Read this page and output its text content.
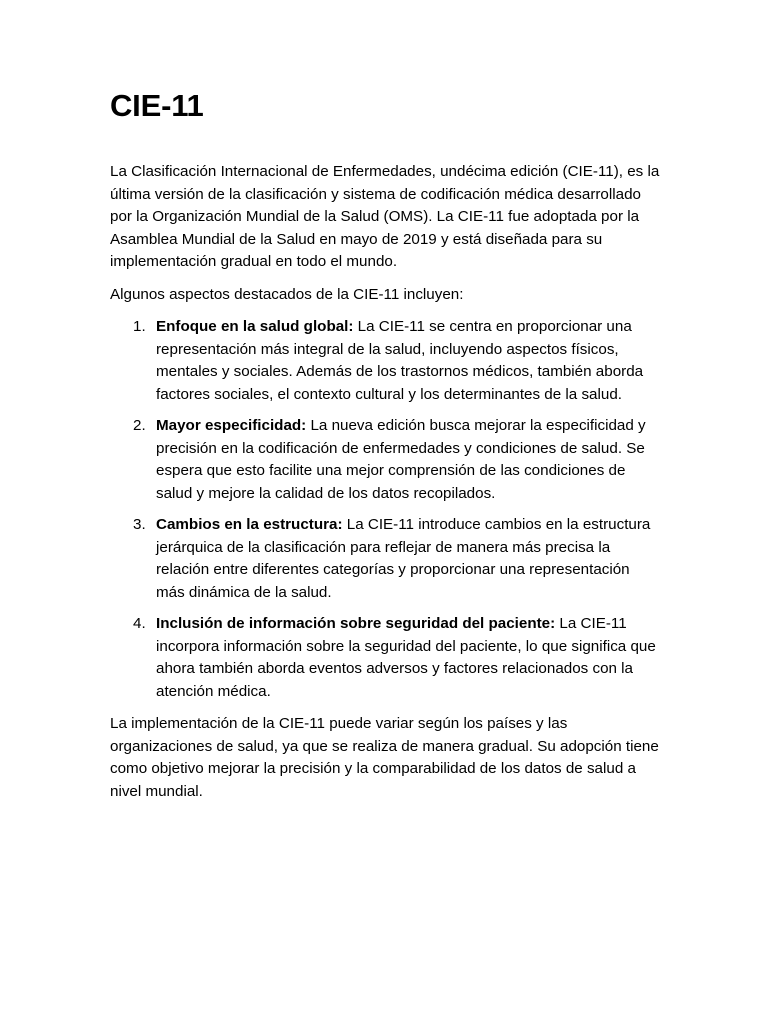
CIE-11

La Clasificación Internacional de Enfermedades, undécima edición (CIE-11), es la última versión de la clasificación y sistema de codificación médica desarrollado por la Organización Mundial de la Salud (OMS). La CIE-11 fue adoptada por la Asamblea Mundial de la Salud en mayo de 2019 y está diseñada para su implementación gradual en todo el mundo.

Algunos aspectos destacados de la CIE-11 incluyen:

1. Enfoque en la salud global: La CIE-11 se centra en proporcionar una representación más integral de la salud, incluyendo aspectos físicos, mentales y sociales. Además de los trastornos médicos, también aborda factores sociales, el contexto cultural y los determinantes de la salud.
2. Mayor especificidad: La nueva edición busca mejorar la especificidad y precisión en la codificación de enfermedades y condiciones de salud. Se espera que esto facilite una mejor comprensión de las condiciones de salud y mejore la calidad de los datos recopilados.
3. Cambios en la estructura: La CIE-11 introduce cambios en la estructura jerárquica de la clasificación para reflejar de manera más precisa la relación entre diferentes categorías y proporcionar una representación más dinámica de la salud.
4. Inclusión de información sobre seguridad del paciente: La CIE-11 incorpora información sobre la seguridad del paciente, lo que significa que ahora también aborda eventos adversos y factores relacionados con la atención médica.

La implementación de la CIE-11 puede variar según los países y las organizaciones de salud, ya que se realiza de manera gradual. Su adopción tiene como objetivo mejorar la precisión y la comparabilidad de los datos de salud a nivel mundial.
